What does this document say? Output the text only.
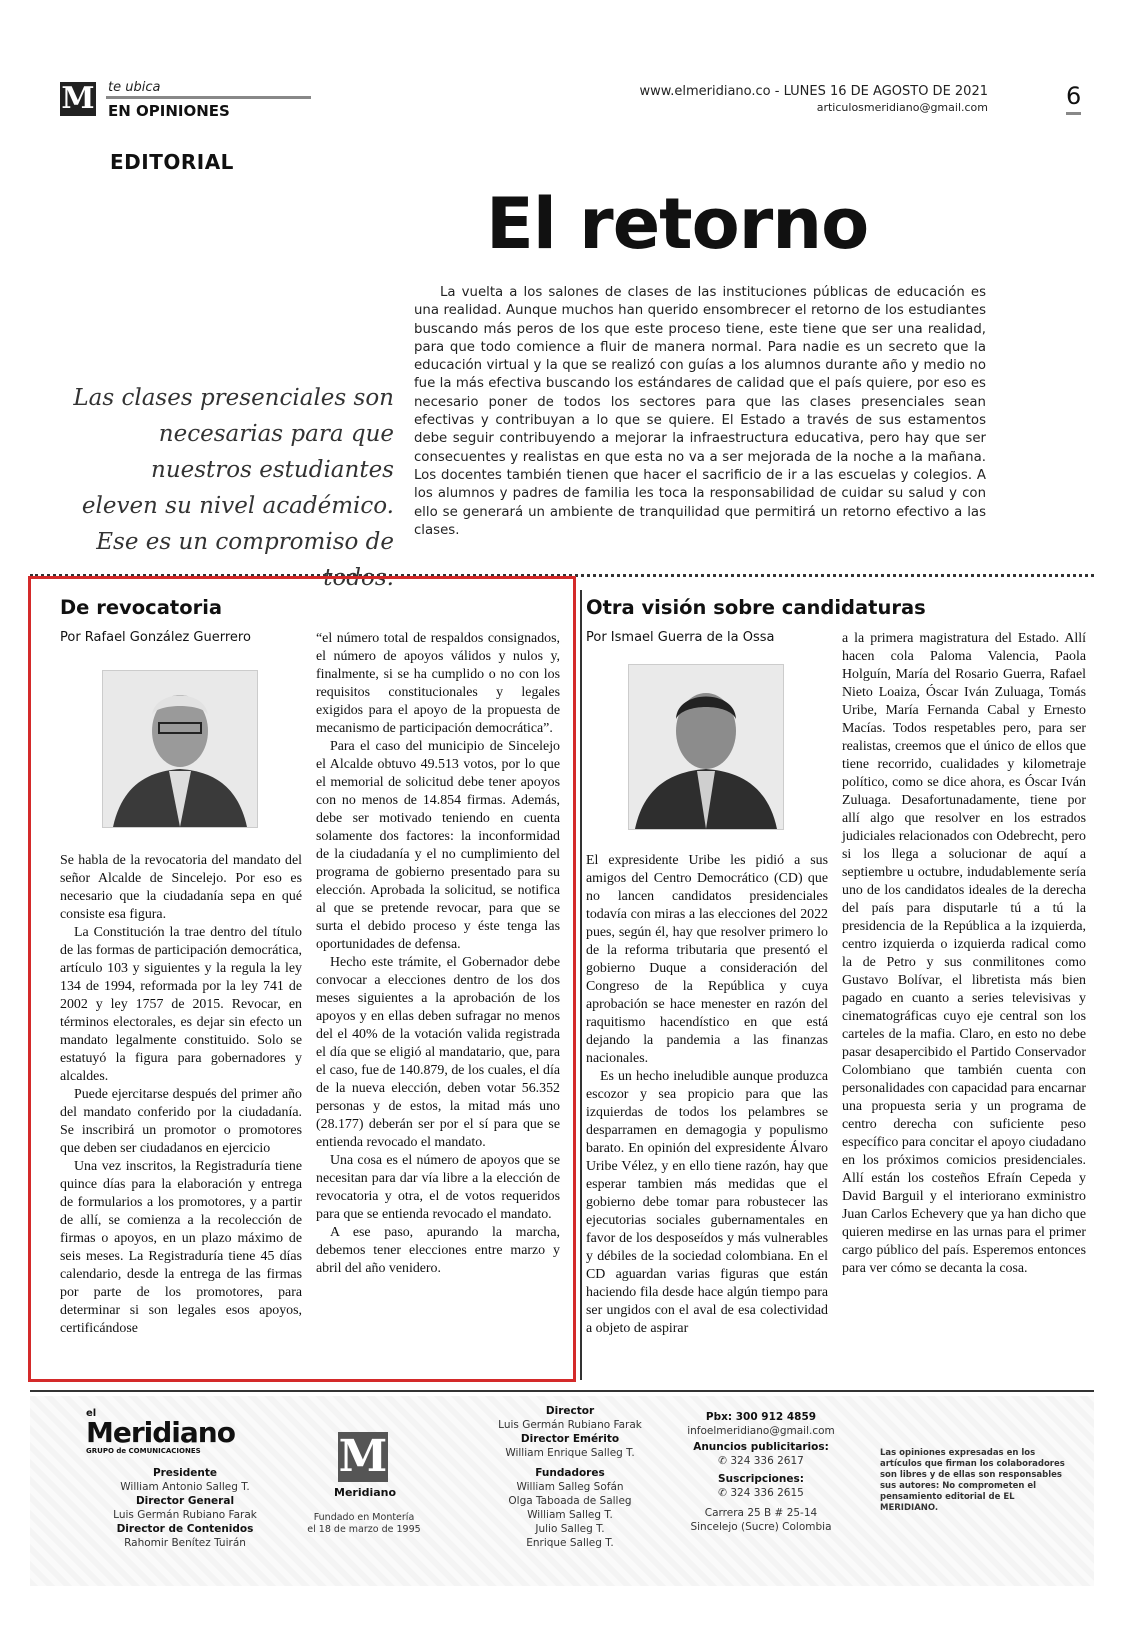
M te ubica
EN OPINIONES
www.elmeridiano.co - LUNES 16 DE AGOSTO DE 2021
articulosmeridiano@gmail.com	6
EDITORIAL
El retorno
Las clases presenciales son necesarias para que nuestros estudiantes eleven su nivel académico. Ese es un compromiso de todos.
La vuelta a los salones de clases de las instituciones públicas de educación es una realidad. Aunque muchos han querido ensombrecer el retorno de los estudiantes buscando más peros de los que este proceso tiene, este tiene que ser una realidad, para que todo comience a fluir de manera normal. Para nadie es un secreto que la educación virtual y la que se realizó con guías a los alumnos durante año y medio no fue la más efectiva buscando los estándares de calidad que el país quiere, por eso es necesario poner de todos los sectores para que las clases presenciales sean efectivas y contribuyan a lo que se quiere. El Estado a través de sus estamentos debe seguir contribuyendo a mejorar la infraestructura educativa, pero hay que ser consecuentes y realistas en que esta no va a ser mejorada de la noche a la mañana. Los docentes también tienen que hacer el sacrificio de ir a las escuelas y colegios. A los alumnos y padres de familia les toca la responsabilidad de cuidar su salud y con ello se generará un ambiente de tranquilidad que permitirá un retorno efectivo a las clases.
De revocatoria
Por Rafael González Guerrero

Se habla de la revocatoria del mandato del señor Alcalde de Sincelejo. Por eso es necesario que la ciudadanía sepa en qué consiste esa figura.

La Constitución la trae dentro del título de las formas de participación democrática, artículo 103 y siguientes y la regula la ley 134 de 1994, reformada por la ley 741 de 2002 y ley 1757 de 2015. Revocar, en términos electorales, es dejar sin efecto un mandato legalmente constituido. Solo se estatuyó la figura para gobernadores y alcaldes.

Puede ejercitarse después del primer año del mandato conferido por la ciudadanía. Se inscribirá un promotor o promotores que deben ser ciudadanos en ejercicio

Una vez inscritos, la Registraduría tiene quince días para la elaboración y entrega de formularios a los promotores, y a partir de allí, se comienza a la recolección de firmas o apoyos, en un plazo máximo de seis meses. La Registraduría tiene 45 días calendario, desde la entrega de las firmas por parte de los promotores, para determinar si son legales esos apoyos, certificándose

“el número total de respaldos consignados, el número de apoyos válidos y nulos y, finalmente, si se ha cumplido o no con los requisitos constitucionales y legales exigidos para el apoyo de la propuesta de mecanismo de participación democrática”.

Para el caso del municipio de Sincelejo el Alcalde obtuvo 49.513 votos, por lo que el memorial de solicitud debe tener apoyos con no menos de 14.854 firmas. Además, debe ser motivado teniendo en cuenta solamente dos factores: la inconformidad de la ciudadanía y el no cumplimiento del programa de gobierno presentado para su elección. Aprobada la solicitud, se notifica al que se pretende revocar, para que se surta el debido proceso y éste tenga las oportunidades de defensa.

Hecho este trámite, el Gobernador debe convocar a elecciones dentro de los dos meses siguientes a la aprobación de los apoyos y en ellas deben sufragar no menos del el 40% de la votación valida registrada el día que se eligió al mandatario, que, para el caso, fue de 140.879, de los cuales, el día de la nueva elección, deben votar 56.352 personas y de estos, la mitad más uno (28.177) deberán ser por el sí para que se entienda revocado el mandato.

Una cosa es el número de apoyos que se necesitan para dar vía libre a la elección de revocatoria y otra, el de votos requeridos para que se entienda revocado el mandato.

A ese paso, apurando la marcha, debemos tener elecciones entre marzo y abril del año venidero.

Otra visión sobre candidaturas
Por Ismael Guerra de la Ossa

El expresidente Uribe les pidió a sus amigos del Centro Democrático (CD) que no lancen candidatos presidenciales todavía con miras a las elecciones del 2022 pues, según él, hay que resolver primero lo de la reforma tributaria que presentó el gobierno Duque a consideración del Congreso de la República y cuya aprobación se hace menester en razón del raquitismo hacendístico en que está dejando la pandemia a las finanzas nacionales.

Es un hecho ineludible aunque produzca escozor y sea propicio para que las izquierdas de todos los pelambres se desparramen en demagogia y populismo barato. En opinión del expresidente Álvaro Uribe Vélez, y en ello tiene razón, hay que esperar tambien más medidas que el gobierno debe tomar para robustecer las ejecutorias sociales gubernamentales en favor de los desposeídos y más vulnerables y débiles de la sociedad colombiana. En el CD aguardan varias figuras que están haciendo fila desde hace algún tiempo para ser ungidos con el aval de esa colectividad a objeto de aspirar

a la primera magistratura del Estado. Allí hacen cola Paloma Valencia, Paola Holguín, María del Rosario Guerra, Rafael Nieto Loaiza, Óscar Iván Zuluaga, Tomás Uribe, María Fernanda Cabal y Ernesto Macías. Todos respetables pero, para ser realistas, creemos que el único de ellos que tiene recorrido, cualidades y kilometraje político, como se dice ahora, es Óscar Iván Zuluaga. Desafortunadamente, tiene por allí algo que resolver en los estrados judiciales relacionados con Odebrecht, pero si los llega a solucionar de aquí a septiembre u octubre, indudablemente sería uno de los candidatos ideales de la derecha del país para disputarle tú a tú la presidencia de la República a la izquierda, centro izquierda o izquierda radical como la de Petro y sus conmilitones como Gustavo Bolívar, el libretista más bien pagado en cuanto a series televisivas y cinematográficas cuyo eje central son los carteles de la mafia. Claro, en esto no debe pasar desapercibido el Partido Conservador Colombiano que también cuenta con personalidades con capacidad para encarnar una propuesta seria y un programa de centro derecha con suficiente peso específico para concitar el apoyo ciudadano en los próximos comicios presidenciales. Allí están los costeños Efraín Cepeda y David Barguil y el interiorano exministro Juan Carlos Echevery que ya han dicho que quieren medirse en las urnas para el primer cargo público del país. Esperemos entonces para ver cómo se decanta la cosa.

el
Meridiano
GRUPO de COMUNICACIONES
Presidente
William Antonio Salleg T.
Director General
Luis Germán Rubiano Farak
Director de Contenidos
Rahomir Benítez Tuirán
M
Meridiano
Fundado en Montería
el 18 de marzo de 1995
Director
Luis Germán Rubiano Farak
Director Emérito
William Enrique Salleg T.
Fundadores
William Salleg Sofán
Olga Taboada de Salleg
William Salleg T.
Julio Salleg T.
Enrique Salleg T.
Pbx: 300 912 4859
infoelmeridiano@gmail.com
Anuncios publicitarios:
✆ 324 336 2617
Suscripciones:
✆ 324 336 2615
Carrera 25 B # 25-14
Sincelejo (Sucre) Colombia
Las opiniones expresadas en los artículos que firman los colaboradores son libres y de ellas son responsables sus autores: No comprometen el pensamiento editorial de EL MERIDIANO.
